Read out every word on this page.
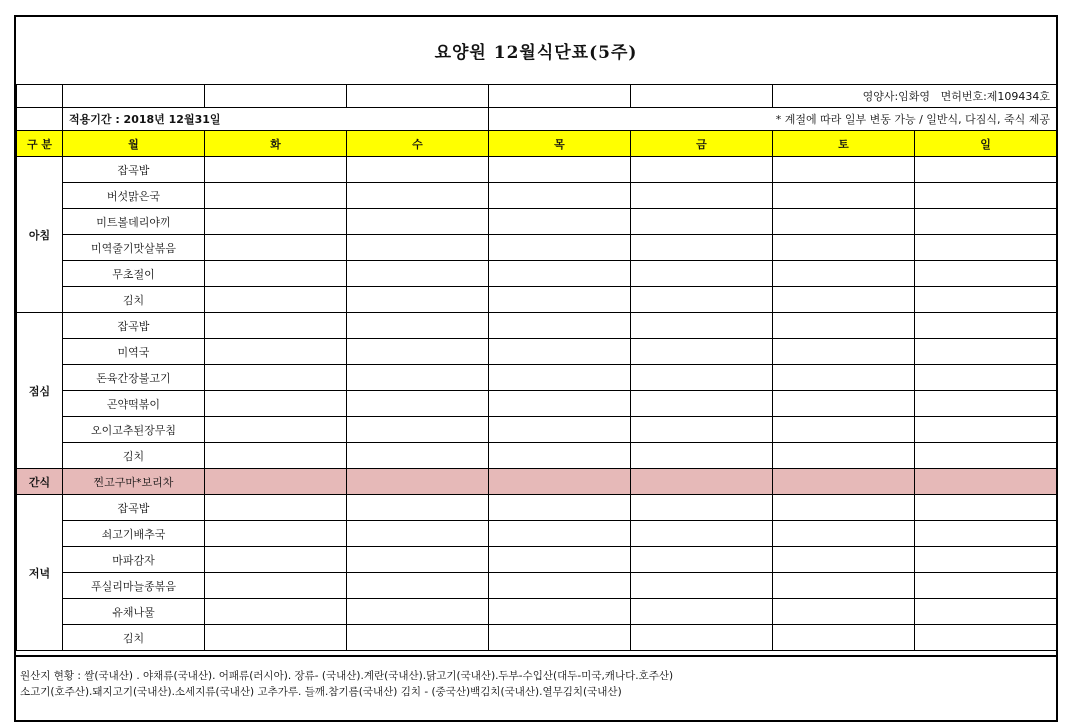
요양원 12월식단표(5주)
						영양사:임화영 면허번호:제109434호	
	적용기간 : 2018년 12월31일			* 계절에 따라 일부 변동 가능 / 일반식, 다짐식, 죽식 제공			
구 분	월	화	수	목	금	토	일
아침	잡곡밥						
	버섯맑은국						
	미트볼데리야끼						
	미역줄기맛살볶음						
	무초절이						
	김치						
점심	잡곡밥						
	미역국						
	돈육간장불고기						
	곤약떡볶이						
	오이고추된장무침						
	김치						
간식	찐고구마*보리차						
저녁	잡곡밥						
	쇠고기배추국						
	마파감자						
	푸실리마늘종볶음						
	유채나물						
	김치						
원산지 현황 : 쌀(국내산) . 야채류(국내산). 어패류(러시아). 장류- (국내산).계란(국내산).닭고기(국내산).두부-수입산(대두-미국,캐나다.호주산)
소고기(호주산).돼지고기(국내산).소세지류(국내산) 고추가루. 들깨.참기름(국내산) 김치 - (중국산)백김치(국내산).열무김치(국내산)
